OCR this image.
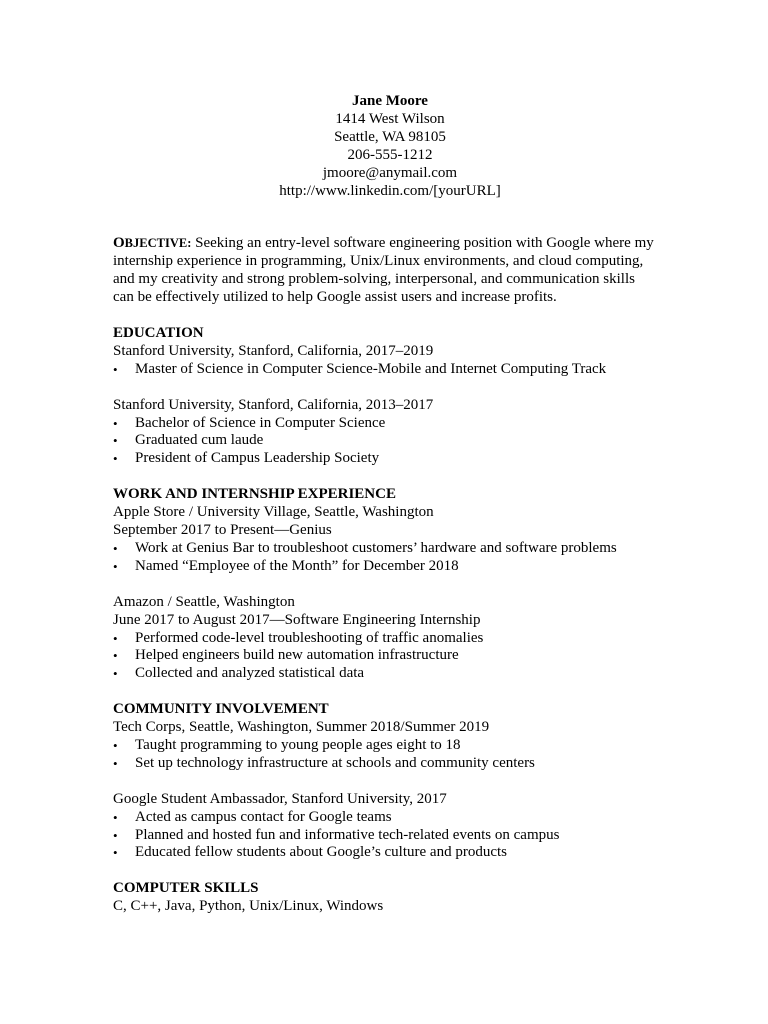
Jane Moore
1414 West Wilson
Seattle, WA 98105
206-555-1212
jmoore@anymail.com
http://www.linkedin.com/[yourURL]
OBJECTIVE: Seeking an entry-level software engineering position with Google where my
internship experience in programming, Unix/Linux environments, and cloud computing,
and my creativity and strong problem-solving, interpersonal, and communication skills
can be effectively utilized to help Google assist users and increase profits.
EDUCATION
Stanford University, Stanford, California, 2017–2019
• Master of Science in Computer Science-Mobile and Internet Computing Track
Stanford University, Stanford, California, 2013–2017
• Bachelor of Science in Computer Science
• Graduated cum laude
• President of Campus Leadership Society
WORK AND INTERNSHIP EXPERIENCE
Apple Store / University Village, Seattle, Washington
September 2017 to Present—Genius
• Work at Genius Bar to troubleshoot customers’ hardware and software problems
• Named “Employee of the Month” for December 2018
Amazon / Seattle, Washington
June 2017 to August 2017—Software Engineering Internship
• Performed code-level troubleshooting of traffic anomalies
• Helped engineers build new automation infrastructure
• Collected and analyzed statistical data
COMMUNITY INVOLVEMENT
Tech Corps, Seattle, Washington, Summer 2018/Summer 2019
• Taught programming to young people ages eight to 18
• Set up technology infrastructure at schools and community centers
Google Student Ambassador, Stanford University, 2017
• Acted as campus contact for Google teams
• Planned and hosted fun and informative tech-related events on campus
• Educated fellow students about Google’s culture and products
COMPUTER SKILLS
C, C++, Java, Python, Unix/Linux, Windows
